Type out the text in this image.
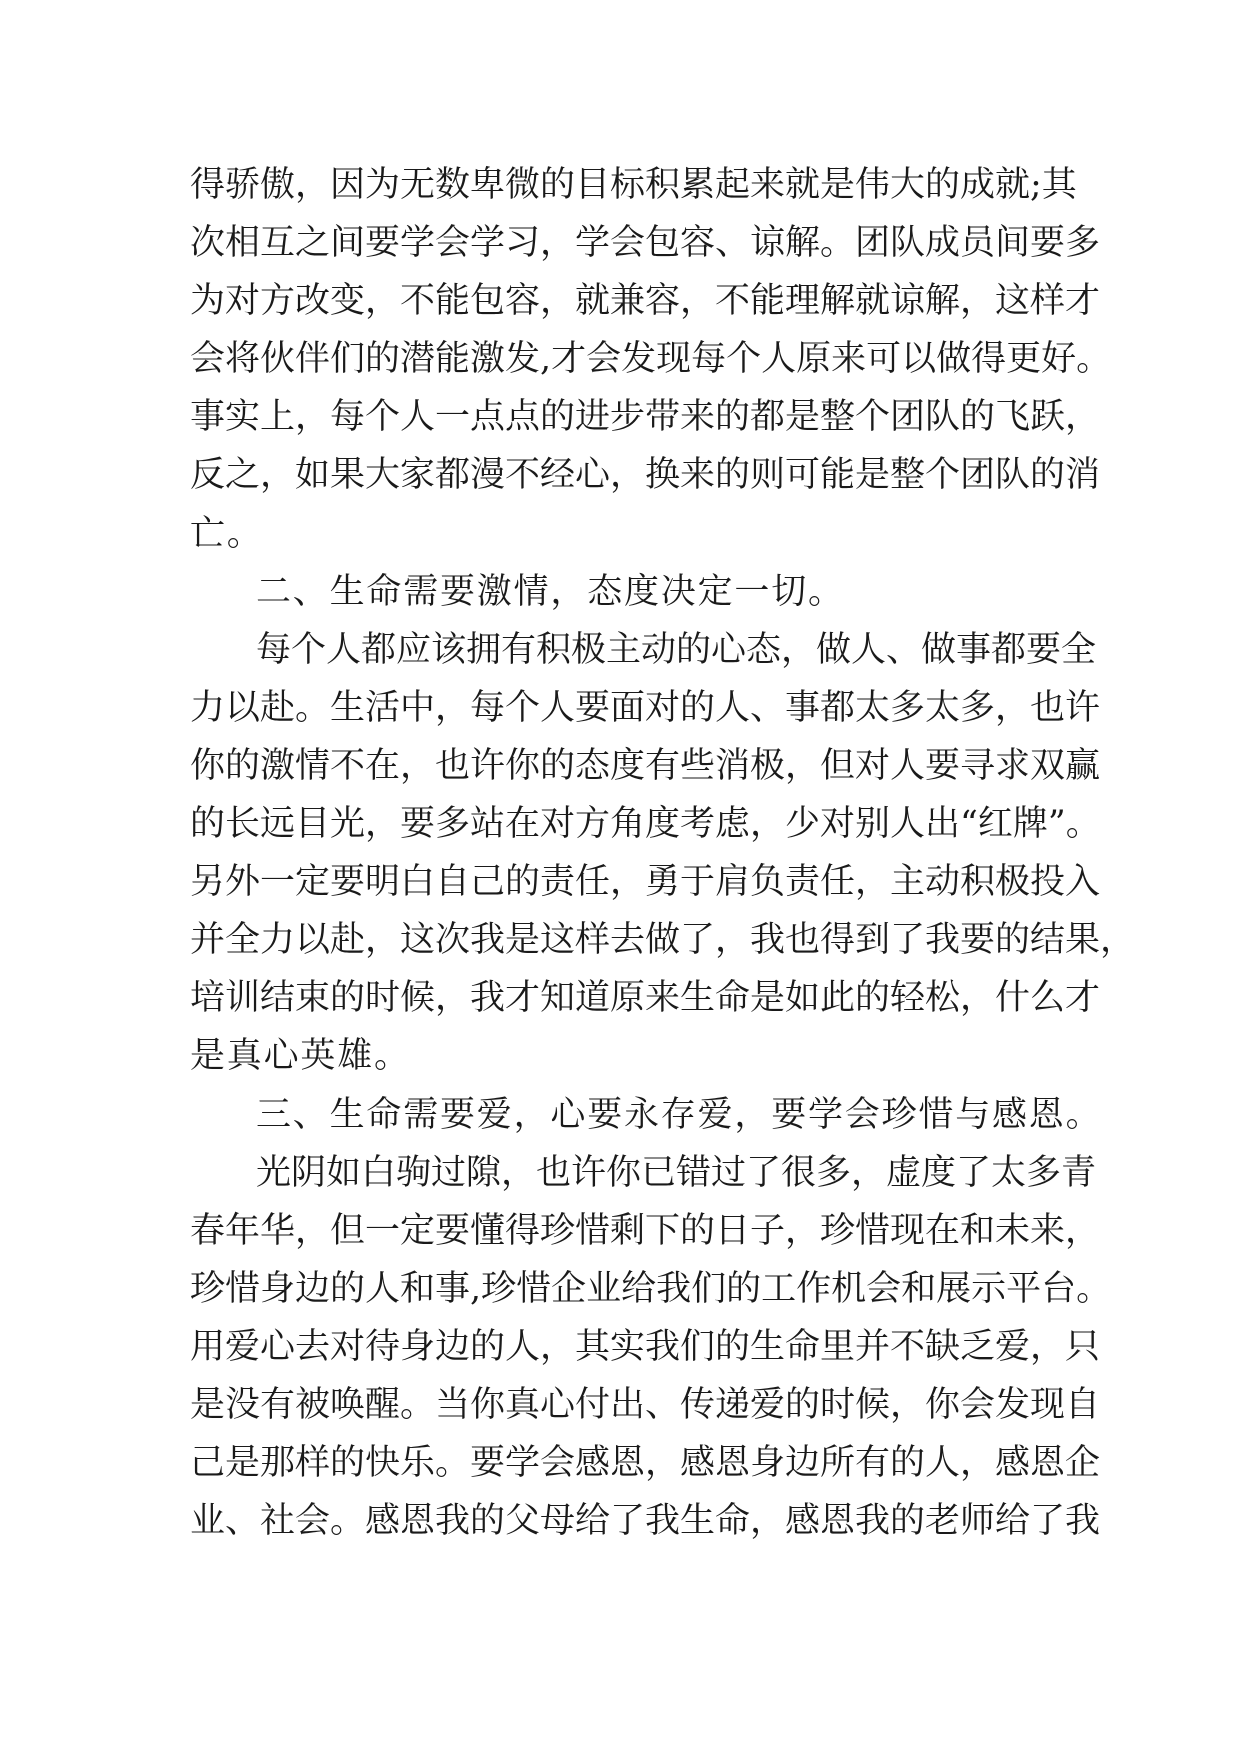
得骄傲，因为无数卑微的目标积累起来就是伟大的成就;其
次相互之间要学会学习，学会包容、谅解。团队成员间要多
为对方改变，不能包容，就兼容，不能理解就谅解，这样才
会将伙伴们的潜能激发,才会发现每个人原来可以做得更好。
事实上，每个人一点点的进步带来的都是整个团队的飞跃，
反之，如果大家都漫不经心，换来的则可能是整个团队的消
亡。
二、生命需要激情，态度决定一切。
每个人都应该拥有积极主动的心态，做人、做事都要全
力以赴。生活中，每个人要面对的人、事都太多太多，也许
你的激情不在，也许你的态度有些消极，但对人要寻求双赢
的长远目光，要多站在对方角度考虑，少对别人出“红牌”。
另外一定要明白自己的责任，勇于肩负责任，主动积极投入
并全力以赴，这次我是这样去做了，我也得到了我要的结果，
培训结束的时候，我才知道原来生命是如此的轻松，什么才
是真心英雄。
三、生命需要爱，心要永存爱，要学会珍惜与感恩。
光阴如白驹过隙，也许你已错过了很多，虚度了太多青
春年华，但一定要懂得珍惜剩下的日子，珍惜现在和未来，
珍惜身边的人和事,珍惜企业给我们的工作机会和展示平台。
用爱心去对待身边的人，其实我们的生命里并不缺乏爱，只
是没有被唤醒。当你真心付出、传递爱的时候，你会发现自
己是那样的快乐。要学会感恩，感恩身边所有的人，感恩企
业、社会。感恩我的父母给了我生命，感恩我的老师给了我
